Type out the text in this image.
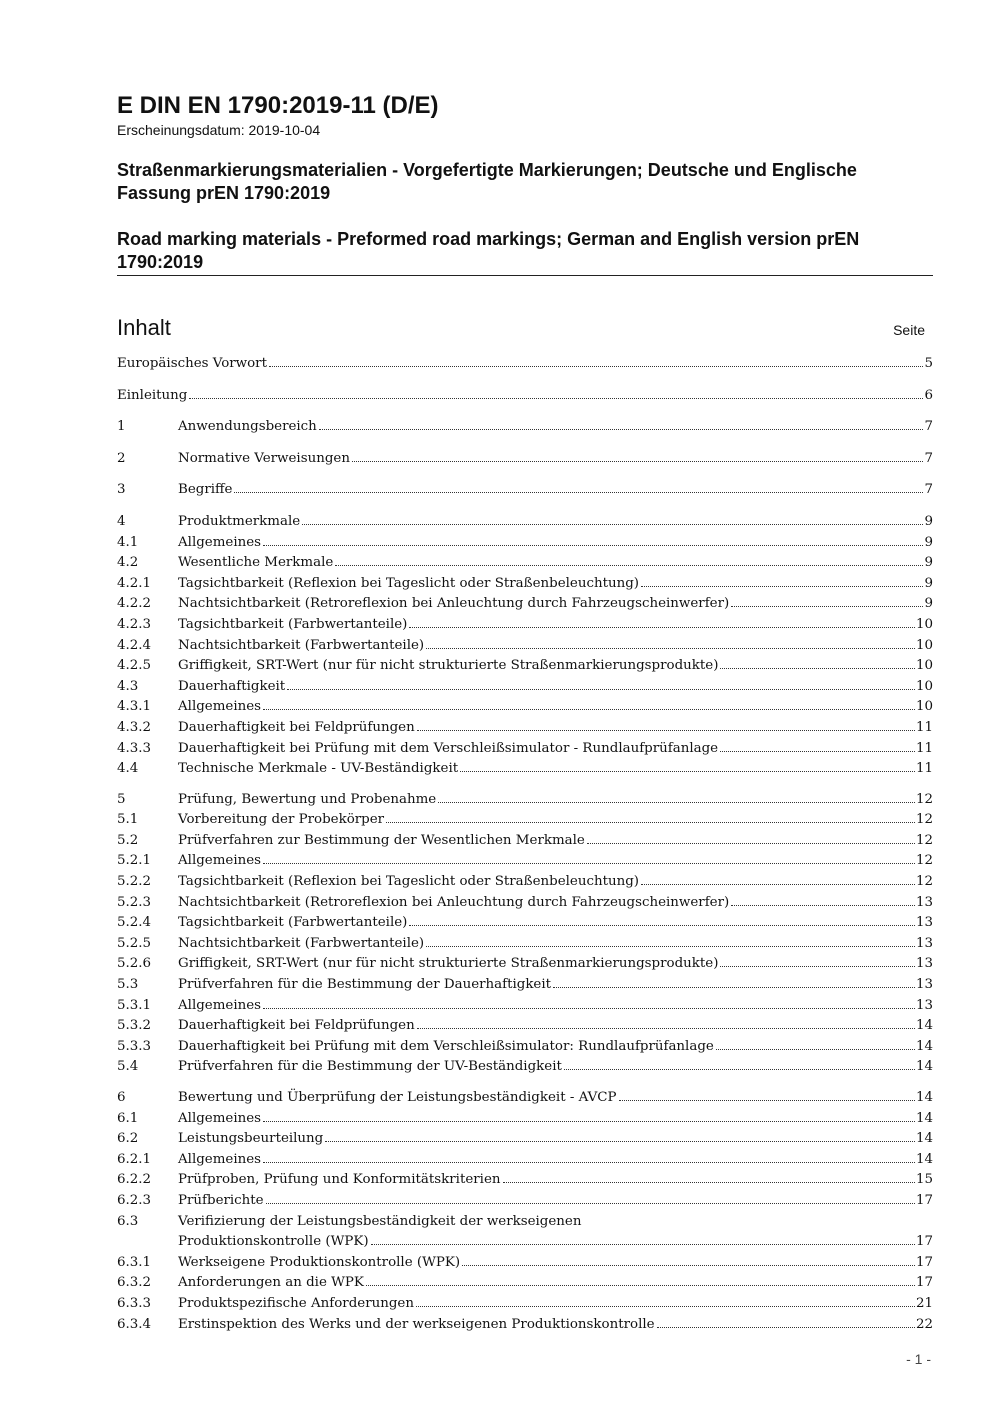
E DIN EN 1790:2019-11 (D/E)
Erscheinungsdatum: 2019-10-04
Straßenmarkierungsmaterialien - Vorgefertigte Markierungen; Deutsche und Englische Fassung prEN 1790:2019
Road marking materials - Preformed road markings; German and English version prEN 1790:2019
Inhalt	Seite
Europäisches Vorwort	5
Einleitung	6
1	Anwendungsbereich	7
2	Normative Verweisungen	7
3	Begriffe	7
4	Produktmerkmale	9
4.1	Allgemeines	9
4.2	Wesentliche Merkmale	9
4.2.1	Tagsichtbarkeit (Reflexion bei Tageslicht oder Straßenbeleuchtung)	9
4.2.2	Nachtsichtbarkeit (Retroreflexion bei Anleuchtung durch Fahrzeugscheinwerfer)	9
4.2.3	Tagsichtbarkeit (Farbwertanteile)	10
4.2.4	Nachtsichtbarkeit (Farbwertanteile)	10
4.2.5	Griffigkeit, SRT-Wert (nur für nicht strukturierte Straßenmarkierungsprodukte)	10
4.3	Dauerhaftigkeit	10
4.3.1	Allgemeines	10
4.3.2	Dauerhaftigkeit bei Feldprüfungen	11
4.3.3	Dauerhaftigkeit bei Prüfung mit dem Verschleißsimulator - Rundlaufprüfanlage	11
4.4	Technische Merkmale - UV-Beständigkeit	11
5	Prüfung, Bewertung und Probenahme	12
5.1	Vorbereitung der Probekörper	12
5.2	Prüfverfahren zur Bestimmung der Wesentlichen Merkmale	12
5.2.1	Allgemeines	12
5.2.2	Tagsichtbarkeit (Reflexion bei Tageslicht oder Straßenbeleuchtung)	12
5.2.3	Nachtsichtbarkeit (Retroreflexion bei Anleuchtung durch Fahrzeugscheinwerfer)	13
5.2.4	Tagsichtbarkeit (Farbwertanteile)	13
5.2.5	Nachtsichtbarkeit (Farbwertanteile)	13
5.2.6	Griffigkeit, SRT-Wert (nur für nicht strukturierte Straßenmarkierungsprodukte)	13
5.3	Prüfverfahren für die Bestimmung der Dauerhaftigkeit	13
5.3.1	Allgemeines	13
5.3.2	Dauerhaftigkeit bei Feldprüfungen	14
5.3.3	Dauerhaftigkeit bei Prüfung mit dem Verschleißsimulator: Rundlaufprüfanlage	14
5.4	Prüfverfahren für die Bestimmung der UV-Beständigkeit	14
6	Bewertung und Überprüfung der Leistungsbeständigkeit - AVCP	14
6.1	Allgemeines	14
6.2	Leistungsbeurteilung	14
6.2.1	Allgemeines	14
6.2.2	Prüfproben, Prüfung und Konformitätskriterien	15
6.2.3	Prüfberichte	17
6.3	Verifizierung der Leistungsbeständigkeit der werkseigenen
Produktionskontrolle (WPK)	17
6.3.1	Werkseigene Produktionskontrolle (WPK)	17
6.3.2	Anforderungen an die WPK	17
6.3.3	Produktspezifische Anforderungen	21
6.3.4	Erstinspektion des Werks und der werkseigenen Produktionskontrolle	22
- 1 -
